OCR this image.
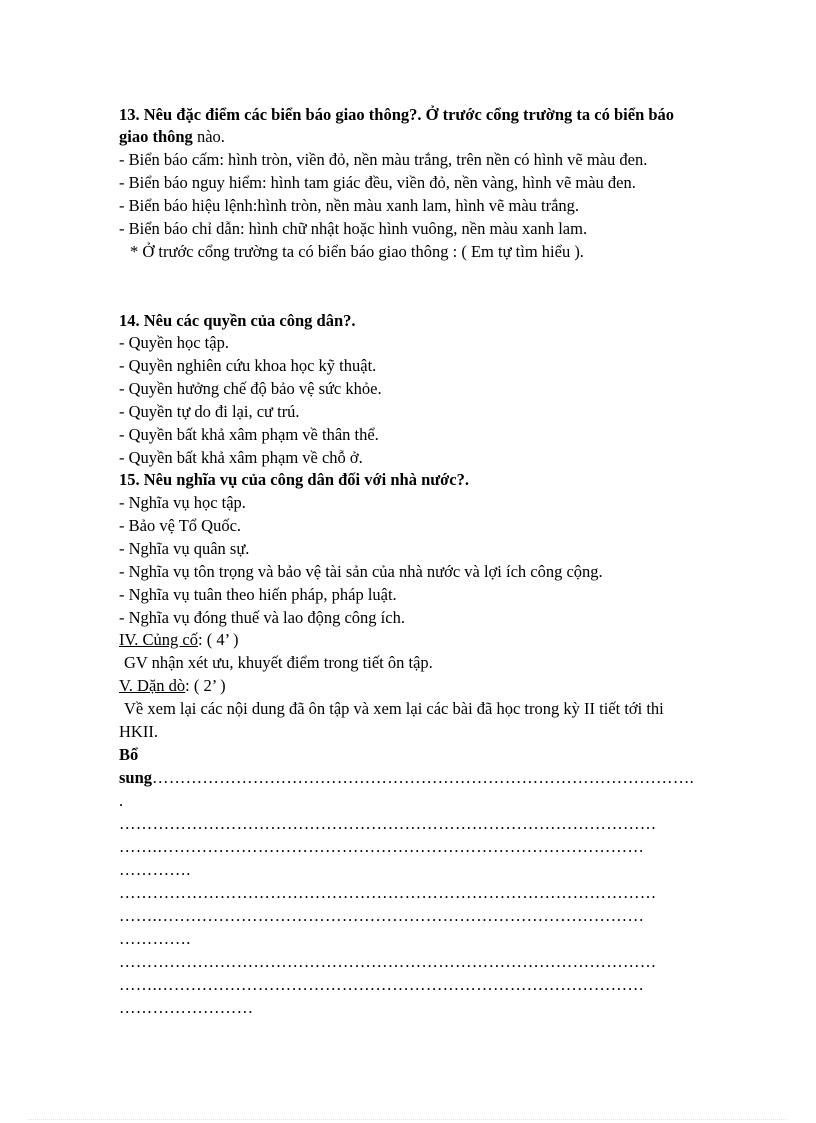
13. Nêu đặc điểm các biển báo giao thông?. Ở trước cổng trường ta có biển báo
giao thông nào.
- Biển báo cấm: hình tròn, viền đỏ, nền màu trắng, trên nền có hình vẽ màu đen.
- Biển báo nguy hiểm: hình tam giác đều, viền đỏ, nền vàng, hình vẽ màu đen.
- Biển báo hiệu lệnh:hình tròn, nền màu xanh lam, hình vẽ màu trắng.
- Biển báo chỉ dẫn: hình chữ nhật hoặc hình vuông, nền màu xanh lam.
* Ở trước cổng trường ta có biển báo giao thông : ( Em tự tìm hiểu ).
14. Nêu các quyền của công dân?.
- Quyền học tập.
- Quyền nghiên cứu khoa học kỹ thuật.
- Quyền hưởng chế độ bảo vệ sức khỏe.
- Quyền tự do đi lại, cư trú.
- Quyền bất khả xâm phạm về thân thể.
- Quyền bất khả xâm phạm về chỗ ở.
15. Nêu nghĩa vụ của công dân đối với nhà nước?.
- Nghĩa vụ học tập.
- Bảo vệ Tổ Quốc.
- Nghĩa vụ quân sự.
- Nghĩa vụ tôn trọng và bảo vệ tài sản của nhà nước và lợi ích công cộng.
- Nghĩa vụ tuân theo hiến pháp, pháp luật.
- Nghĩa vụ đóng thuế và lao động công ích.
IV. Củng cố: ( 4’ )
GV nhận xét ưu, khuyết điểm trong tiết ôn tập.
V. Dặn dò: ( 2’ )
Về xem lại các nội dung đã ôn tập và xem lại các bài đã học trong kỳ II tiết tới thi
HKII.
Bổ
sung…………………………………………………………………………………….
.
……………………………………………………………………………………
…….……………………………………………………………………………
………….
……………………………………………………………………………………
…….……………………………………………………………………………
………….
……………………………………………………………………………………
…….……………………………………………………………………………
……………………
